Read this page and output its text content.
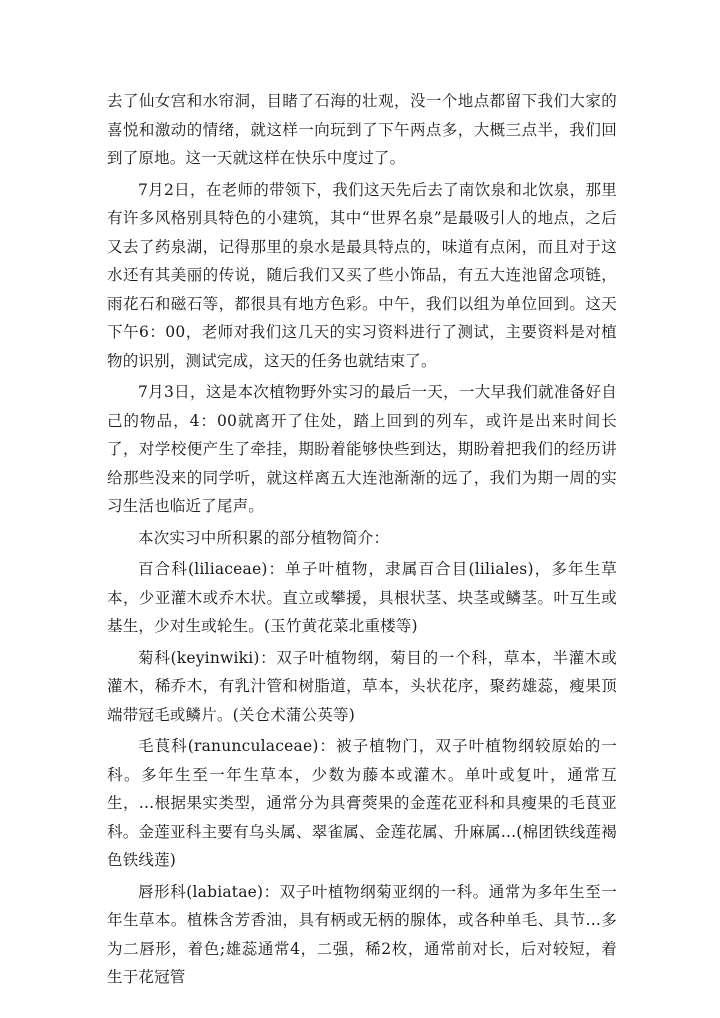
去了仙女宫和水帘洞，目睹了石海的壮观，没一个地点都留下我们大家的喜悦和激动的情绪，就这样一向玩到了下午两点多，大概三点半，我们回到了原地。这一天就这样在快乐中度过了。

7月2日，在老师的带领下，我们这天先后去了南饮泉和北饮泉，那里有许多风格别具特色的小建筑，其中“世界名泉”是最吸引人的地点，之后又去了药泉湖，记得那里的泉水是最具特点的，味道有点闲，而且对于这水还有其美丽的传说，随后我们又买了些小饰品，有五大连池留念项链，雨花石和磁石等，都很具有地方色彩。中午，我们以组为单位回到。这天下午6：00，老师对我们这几天的实习资料进行了测试，主要资料是对植物的识别，测试完成，这天的任务也就结束了。

7月3日，这是本次植物野外实习的最后一天，一大早我们就准备好自己的物品，4：00就离开了住处，踏上回到的列车，或许是出来时间长了，对学校便产生了牵挂，期盼着能够快些到达，期盼着把我们的经历讲给那些没来的同学听，就这样离五大连池渐渐的远了，我们为期一周的实习生活也临近了尾声。

本次实习中所积累的部分植物简介：

百合科(liliaceae)：单子叶植物，隶属百合目(liliales)，多年生草本，少亚灌木或乔木状。直立或攀援，具根状茎、块茎或鳞茎。叶互生或基生，少对生或轮生。(玉竹黄花菜北重楼等)

菊科(keyinwiki)：双子叶植物纲，菊目的一个科，草本，半灌木或灌木，稀乔木，有乳汁管和树脂道，草本，头状花序，聚药雄蕊，瘦果顶端带冠毛或鳞片。(关仓术蒲公英等)

毛茛科(ranunculaceae)：被子植物门，双子叶植物纲较原始的一科。多年生至一年生草本，少数为藤本或灌木。单叶或复叶，通常互生，...根据果实类型，通常分为具膏葖果的金莲花亚科和具瘦果的毛茛亚科。金莲亚科主要有乌头属、翠雀属、金莲花属、升麻属...(棉团铁线莲褐色铁线莲)

唇形科(labiatae)：双子叶植物纲菊亚纲的一科。通常为多年生至一年生草本。植株含芳香油，具有柄或无柄的腺体，或各种单毛、具节...多为二唇形，着色;雄蕊通常4，二强，稀2枚，通常前对长，后对较短，着生于花冠管
